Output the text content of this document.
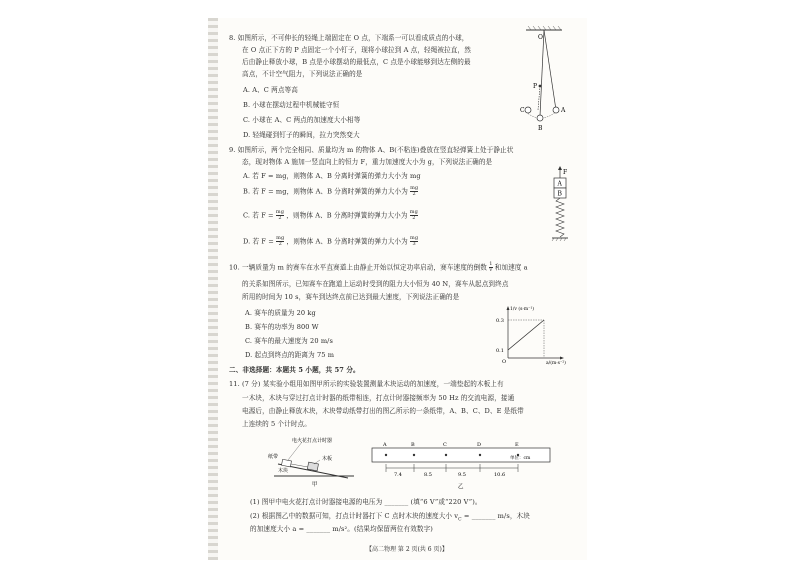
8. 如图所示，不可伸长的轻绳上端固定在 O 点，下端系一可以看成质点的小球，
在 O 点正下方的 P 点固定一个小钉子，现将小球拉到 A 点，轻绳被拉直，然
后由静止释放小球，B 点是小球摆动的最低点，C 点是小球能够到达左侧的最
高点，不计空气阻力，下列说法正确的是
A. A、C 两点等高
B. 小球在摆动过程中机械能守恒
C. 小球在 A、C 两点的加速度大小相等
D. 轻绳碰到钉子的瞬间，拉力突然变大
O
P
A
C
B
9. 如图所示，两个完全相同、质量均为 m 的物体 A、B(不粘连)叠放在竖直轻弹簧上处于静止状
态，现对物体 A 施加一竖直向上的恒力 F，重力加速度大小为 g，下列说法正确的是
A. 若 F = mg，则物体 A、B 分离时弹簧的弹力大小为 mg
B. 若 F = mg，则物体 A、B 分离时弹簧的弹力大小为 $\frac{mg}{2}$
C. 若 $F = \frac{mg}{2}$ ，则物体 A、B 分离时弹簧的弹力大小为 $\frac{mg}{2}$
D. 若 $F = \frac{mg}{2}$ ，则物体 A、B 分离时弹簧的弹力大小为 $\frac{mg}{3}$
F
A
B
10. 一辆质量为 m 的赛车在水平直赛道上由静止开始以恒定功率启动，赛车速度的倒数 $\frac{1}{v}$ 和加速度 a
的关系如图所示，已知赛车在跑道上运动时受到的阻力大小恒为 40 N，赛车从起点到终点
所用的时间为 10 s，赛车到达终点前已达到最大速度，下列说法正确的是
A. 赛车的质量为 20 kg
B. 赛车的功率为 800 W
C. 赛车的最大速度为 20 m/s
D. 起点到终点的距离为 75 m
1/v (s·m⁻¹)
0.3
0.1
O	a/(m·s⁻²)
二、非选择题：本题共 5 小题，共 57 分。
11. (7 分) 某实验小组用如图甲所示的实验装置测量木块运动的加速度，一端垫起的木板上有
一木块，木块与穿过打点计时器的纸带相连，打点计时器接频率为 50 Hz 的交流电源，接通
电源后，由静止释放木块，木块带动纸带打出的图乙所示的一条纸带，A、B、C、D、E 是纸带
上连续的 5 个计时点。
电火花打点计时器
纸带
木块
木板
甲
A	B	C	D	E
单位：cm
7.4	8.5	9.5	10.6
乙
(1) 图甲中电火花打点计时器接电源的电压为 _______ (填“6 V”或“220 V”)。
(2) 根据图乙中的数据可知，打点计时器打下 C 点时木块的速度大小 $v_C$ = _______ m/s，木块
的加速度大小 a = _______ m/s²。(结果均保留两位有效数字)
【高二物理 第 2 页(共 6 页)】
